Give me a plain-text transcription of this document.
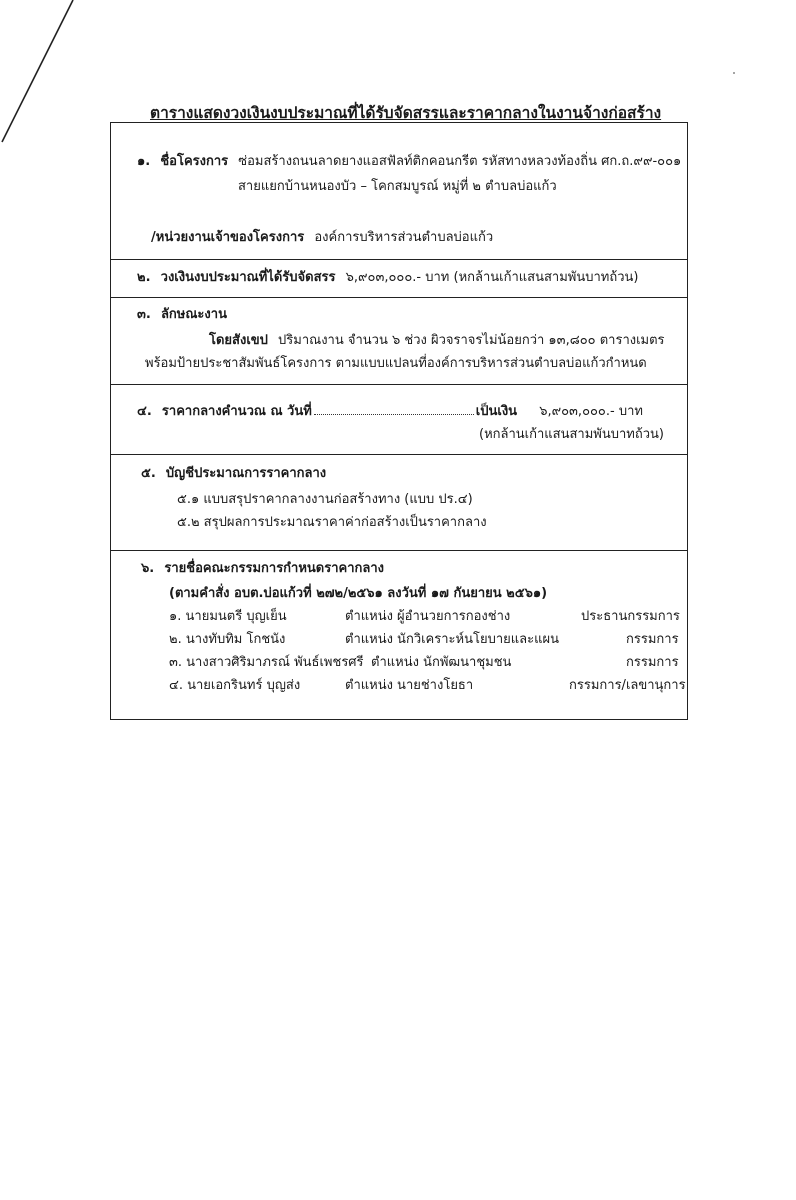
ตารางแสดงวงเงินงบประมาณที่ได้รับจัดสรรและราคากลางในงานจ้างก่อสร้าง
๑. ชื่อโครงการ ซ่อมสร้างถนนลาดยางแอสฟัลท์ติกคอนกรีต รหัสทางหลวงท้องถิ่น ศก.ถ.๙๙-๐๐๑
สายแยกบ้านหนองบัว – โคกสมบูรณ์ หมู่ที่ ๒ ตำบลบ่อแก้ว
/หน่วยงานเจ้าของโครงการ องค์การบริหารส่วนตำบลบ่อแก้ว
๒. วงเงินงบประมาณที่ได้รับจัดสรร ๖,๙๐๓,๐๐๐.- บาท (หกล้านเก้าแสนสามพันบาทถ้วน)
๓. ลักษณะงาน
โดยสังเขป ปริมาณงาน จำนวน ๖ ช่วง ผิวจราจรไม่น้อยกว่า ๑๓,๘๐๐ ตารางเมตร
พร้อมป้ายประชาสัมพันธ์โครงการ ตามแบบแปลนที่องค์การบริหารส่วนตำบลบ่อแก้วกำหนด
๔. ราคากลางคำนวณ ณ วันที่	เป็นเงิน ๖,๙๐๓,๐๐๐.- บาท
(หกล้านเก้าแสนสามพันบาทถ้วน)
๕. บัญชีประมาณการราคากลาง
๕.๑ แบบสรุปราคากลางงานก่อสร้างทาง (แบบ ปร.๔)
๕.๒ สรุปผลการประมาณราคาค่าก่อสร้างเป็นราคากลาง
๖. รายชื่อคณะกรรมการกำหนดราคากลาง
(ตามคำสั่ง อบต.บ่อแก้วที่ ๒๗๒/๒๕๖๑ ลงวันที่ ๑๗ กันยายน ๒๕๖๑)
๑. นายมนตรี บุญเย็น	ตำแหน่ง ผู้อำนวยการกองช่าง	ประธานกรรมการ
๒. นางทับทิม โกชนัง	ตำแหน่ง นักวิเคราะห์นโยบายและแผน	กรรมการ
๓. นางสาวศิริมาภรณ์ พันธ์เพชรศรี ตำแหน่ง นักพัฒนาชุมชน	กรรมการ
๔. นายเอกรินทร์ บุญส่ง	ตำแหน่ง นายช่างโยธา	กรรมการ/เลขานุการ
